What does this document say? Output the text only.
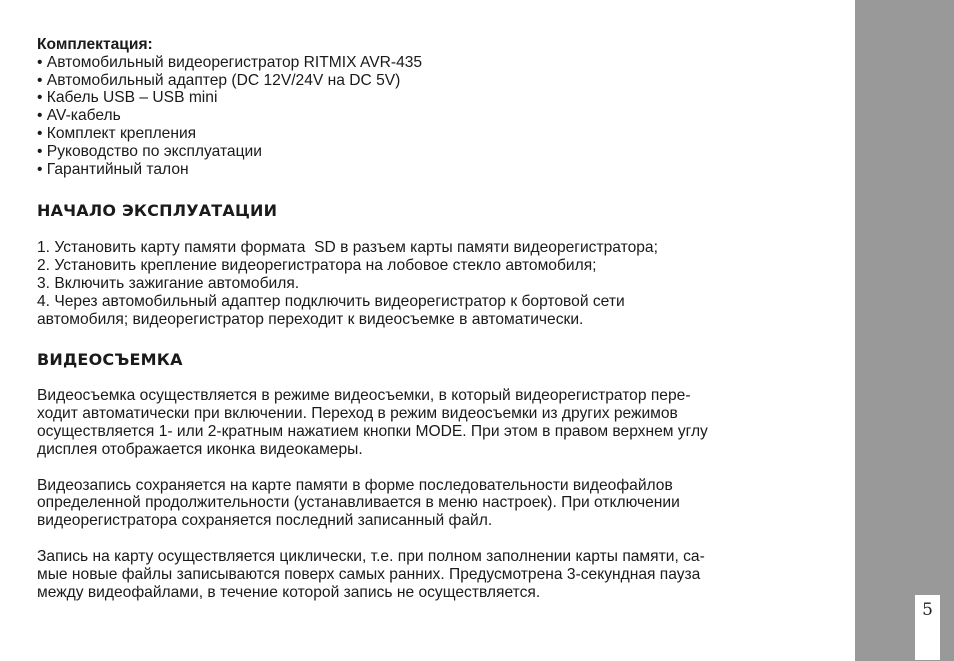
Комплектация:
• Автомобильный видеорегистратор RITMIX AVR-435
• Автомобильный адаптер (DC 12V/24V на DC 5V)
• Кабель USB – USB mini
• AV-кабель
• Комплект крепления
• Руководство по эксплуатации
• Гарантийный талон
НАЧАЛО ЭКСПЛУАТАЦИИ
1. Установить карту памяти формата  SD в разъем карты памяти видеорегистратора;
2. Установить крепление видеорегистратора на лобовое стекло автомобиля;
3. Включить зажигание автомобиля.
4. Через автомобильный адаптер подключить видеорегистратор к бортовой сети
автомобиля; видеорегистратор переходит к видеосъемке в автоматически.
ВИДЕОСЪЕМКА
Видеосъемка осуществляется в режиме видеосъемки, в который видеорегистратор пере-
ходит автоматически при включении. Переход в режим видеосъемки из других режимов
осуществляется 1- или 2-кратным нажатием кнопки MODE. При этом в правом верхнем углу
дисплея отображается иконка видеокамеры.
Видеозапись сохраняется на карте памяти в форме последовательности видеофайлов
определенной продолжительности (устанавливается в меню настроек). При отключении
видеорегистратора сохраняется последний записанный файл.
Запись на карту осуществляется циклически, т.е. при полном заполнении карты памяти, са-
мые новые файлы записываются поверх самых ранних. Предусмотрена 3-секундная пауза
между видеофайлами, в течение которой запись не осуществляется.
5
